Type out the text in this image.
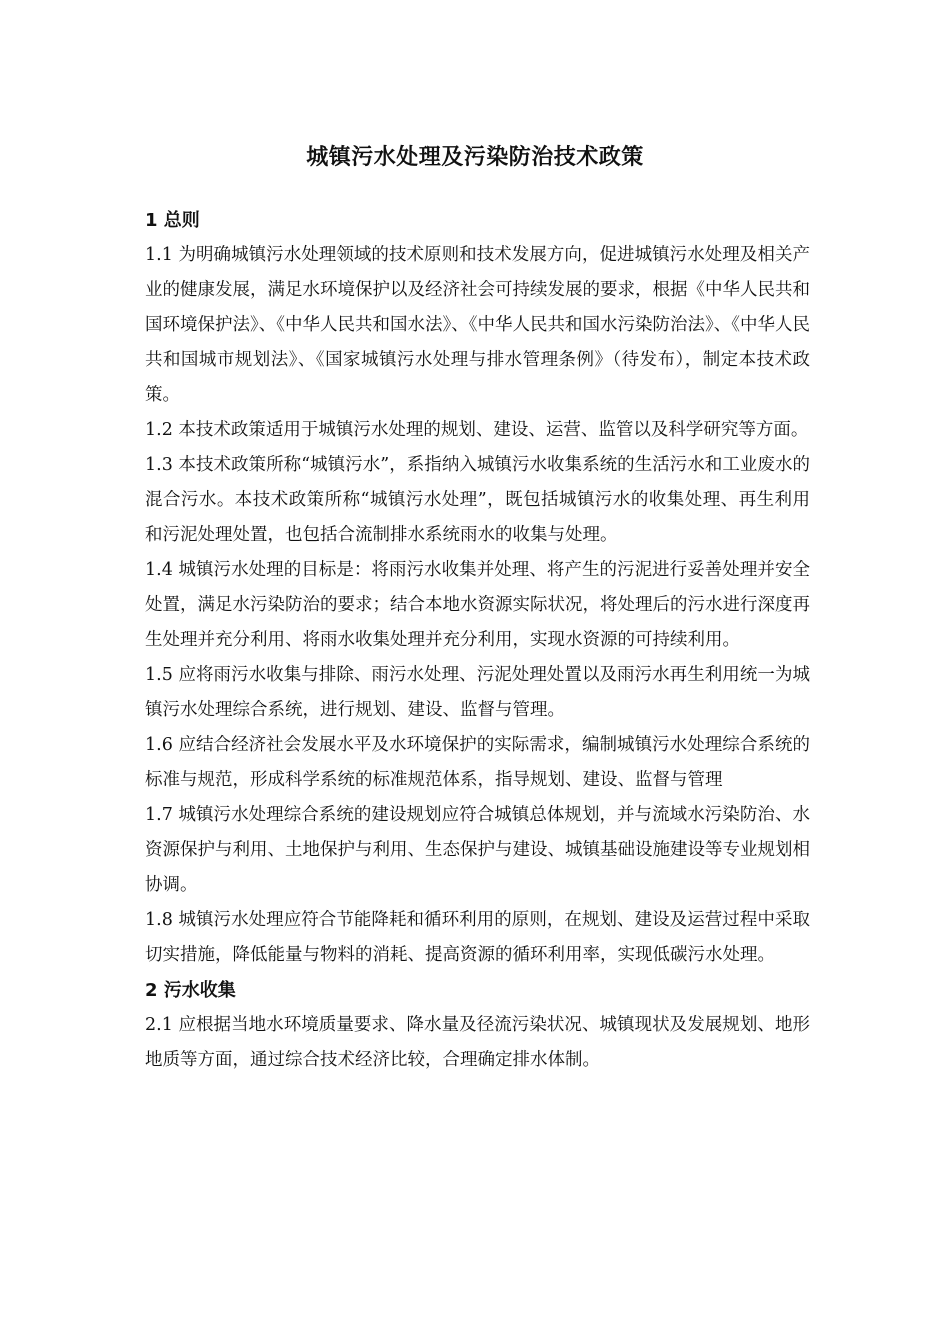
城镇污水处理及污染防治技术政策

1 总则

1.1 为明确城镇污水处理领域的技术原则和技术发展方向，促进城镇污水处理及相关产业的健康发展，满足水环境保护以及经济社会可持续发展的要求，根据《中华人民共和国环境保护法》、《中华人民共和国水法》、《中华人民共和国水污染防治法》、《中华人民共和国城市规划法》、《国家城镇污水处理与排水管理条例》（待发布），制定本技术政策。

1.2 本技术政策适用于城镇污水处理的规划、建设、运营、监管以及科学研究等方面。

1.3 本技术政策所称“城镇污水”，系指纳入城镇污水收集系统的生活污水和工业废水的混合污水。本技术政策所称“城镇污水处理”，既包括城镇污水的收集处理、再生利用和污泥处理处置，也包括合流制排水系统雨水的收集与处理。

1.4 城镇污水处理的目标是：将雨污水收集并处理、将产生的污泥进行妥善处理并安全处置，满足水污染防治的要求；结合本地水资源实际状况，将处理后的污水进行深度再生处理并充分利用、将雨水收集处理并充分利用，实现水资源的可持续利用。

1.5 应将雨污水收集与排除、雨污水处理、污泥处理处置以及雨污水再生利用统一为城镇污水处理综合系统，进行规划、建设、监督与管理。

1.6 应结合经济社会发展水平及水环境保护的实际需求，编制城镇污水处理综合系统的标准与规范，形成科学系统的标准规范体系，指导规划、建设、监督与管理

1.7 城镇污水处理综合系统的建设规划应符合城镇总体规划，并与流域水污染防治、水资源保护与利用、土地保护与利用、生态保护与建设、城镇基础设施建设等专业规划相协调。

1.8 城镇污水处理应符合节能降耗和循环利用的原则，在规划、建设及运营过程中采取切实措施，降低能量与物料的消耗、提高资源的循环利用率，实现低碳污水处理。

2 污水收集

2.1 应根据当地水环境质量要求、降水量及径流污染状况、城镇现状及发展规划、地形地质等方面，通过综合技术经济比较，合理确定排水体制。
